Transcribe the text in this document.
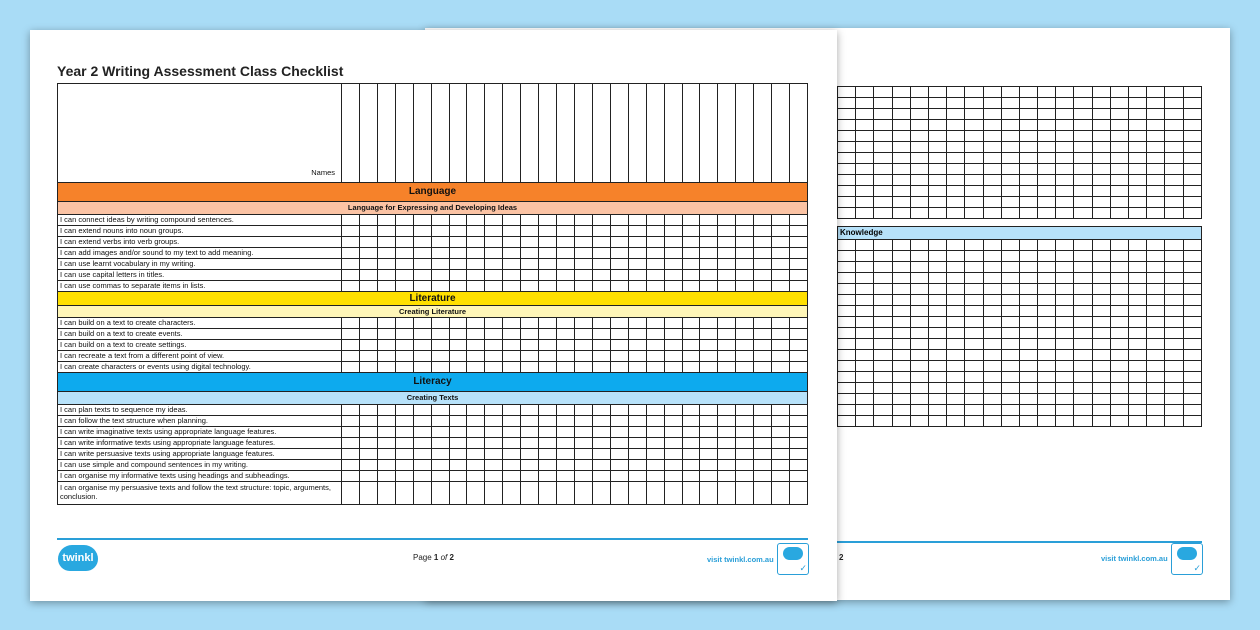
Knowledge																			

2	visit twinkl.com.au
✓
Year 2 Writing Assessment Class Checklist
Names																										
Language																										
Language for Expressing and Developing Ideas																										
I can connect ideas by writing compound sentences.																										
I can extend nouns into noun groups.																										
I can extend verbs into verb groups.																										
I can add images and/or sound to my text to add meaning.																										
I can use learnt vocabulary in my writing.																										
I can use capital letters in titles.																										
I can use commas to separate items in lists.																										
Literature																										
Creating Literature																										
I can build on a text to create characters.																										
I can build on a text to create events.																										
I can build on a text to create settings.																										
I can recreate a text from a different point of view.																										
I can create characters or events using digital technology.																										
Literacy																										
Creating Texts																										
I can plan texts to sequence my ideas.																										
I can follow the text structure when planning.																										
I can write imaginative texts using appropriate language features.																										
I can write informative texts using appropriate language features.																										
I can write persuasive texts using appropriate language features.																										
I can use simple and compound sentences in my writing.																										
I can organise my informative texts using headings and subheadings.																										
I can organise my persuasive texts and follow the text structure: topic, arguments, conclusion.																										
twinkl	Page 1 of 2	visit twinkl.com.au
✓
